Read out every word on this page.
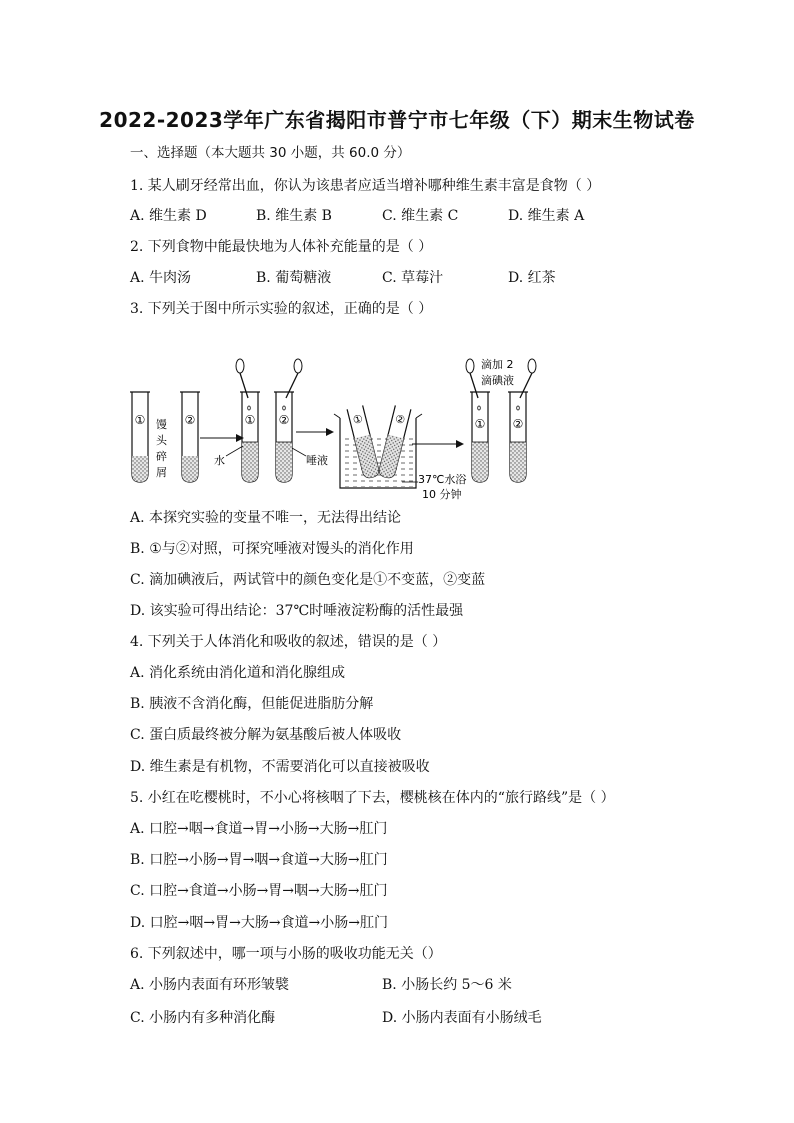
2022-2023学年广东省揭阳市普宁市七年级（下）期末生物试卷
一、选择题（本大题共 30 小题，共 60.0 分）
1. 某人刷牙经常出血，你认为该患者应适当增补哪种维生素丰富是食物（ ）
A. 维生素 D	B. 维生素 B	C. 维生素 C	D. 维生素 A
2. 下列食物中能最快地为人体补充能量的是（ ）
A. 牛肉汤	B. 葡萄糖液	C. 草莓汁	D. 红茶
3. 下列关于图中所示实验的叙述，正确的是（ ）
①	②
馒
头
碎
屑
① ②
水	唾液
①	②
37℃水浴
10 分钟
① ②
滴加 2
滴碘液
A. 本探究实验的变量不唯一，无法得出结论
B. ①与②对照，可探究唾液对馒头的消化作用
C. 滴加碘液后，两试管中的颜色变化是①不变蓝，②变蓝
D. 该实验可得出结论：37℃时唾液淀粉酶的活性最强
4. 下列关于人体消化和吸收的叙述，错误的是（ ）
A. 消化系统由消化道和消化腺组成
B. 胰液不含消化酶，但能促进脂肪分解
C. 蛋白质最终被分解为氨基酸后被人体吸收
D. 维生素是有机物，不需要消化可以直接被吸收
5. 小红在吃樱桃时，不小心将核咽了下去，樱桃核在体内的“旅行路线”是（ ）
A. 口腔→咽→食道→胃→小肠→大肠→肛门
B. 口腔→小肠→胃→咽→食道→大肠→肛门
C. 口腔→食道→小肠→胃→咽→大肠→肛门
D. 口腔→咽→胃→大肠→食道→小肠→肛门
6. 下列叙述中，哪一项与小肠的吸收功能无关（）
A. 小肠内表面有环形皱襞	B. 小肠长约 5～6 米
C. 小肠内有多种消化酶	D. 小肠内表面有小肠绒毛
